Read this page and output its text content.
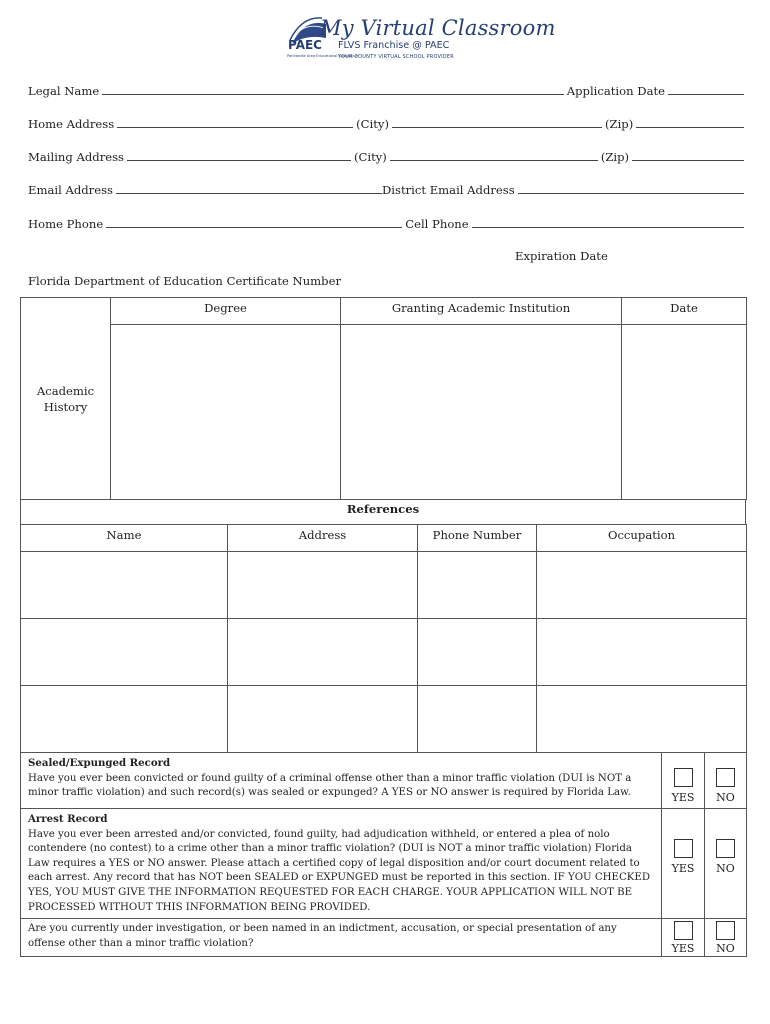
My Virtual Classroom
FLVS Franchise @ PAEC
YOUR COUNTY VIRTUAL SCHOOL PROVIDER
PAEC
Panhandle Area Educational Consortium
Legal Name	Application Date
Home Address	(City)	(Zip)
Mailing Address	(City)	(Zip)
Email Address	District Email Address
Home Phone	Cell Phone
Expiration Date
Florida Department of Education Certificate Number
Academic
History	Degree	Granting Academic Institution	Date

References
Name	Address	Phone Number	Occupation

Sealed/Expunged Record
Have you ever been convicted or found guilty of a criminal offense other than a minor traffic violation (DUI is NOT a minor traffic violation) and such record(s) was sealed or expunged? A YES or NO answer is required by Florida Law.	YES	NO

Arrest Record
Have you ever been arrested and/or convicted, found guilty, had adjudication withheld, or entered a plea of nolo contendere (no contest) to a crime other than a minor traffic violation? (DUI is NOT a minor traffic violation) Florida Law requires a YES or NO answer. Please attach a certified copy of legal disposition and/or court document related to each arrest. Any record that has NOT been SEALED or EXPUNGED must be reported in this section. IF YOU CHECKED YES, YOU MUST GIVE THE INFORMATION REQUESTED FOR EACH CHARGE. YOUR APPLICATION WILL NOT BE PROCESSED WITHOUT THIS INFORMATION BEING PROVIDED.	YES	NO

Are you currently under investigation, or been named in an indictment, accusation, or special presentation of any offense other than a minor traffic violation?	YES	NO
